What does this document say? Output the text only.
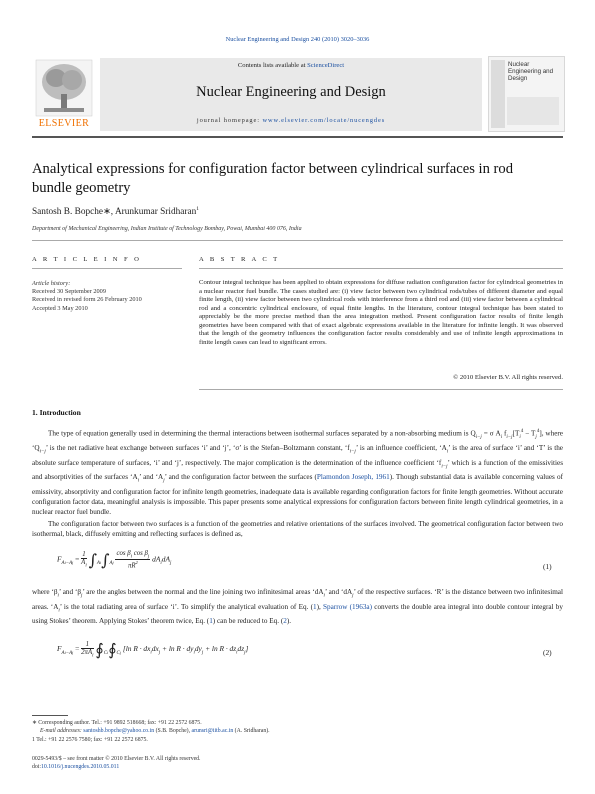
Nuclear Engineering and Design 240 (2010) 3020–3036
ELSEVIER
Contents lists available at ScienceDirect
Nuclear Engineering and Design
journal homepage: www.elsevier.com/locate/nucengdes
Nuclear Engineering and Design
Analytical expressions for configuration factor between cylindrical surfaces in rod bundle geometry
Santosh B. Bopche∗, Arunkumar Sridharan$^1$
Department of Mechanical Engineering, Indian Institute of Technology Bombay, Powai, Mumbai 400 076, India
A R T I C L E I N F O
Article history:
Received 30 September 2009
Received in revised form 26 February 2010
Accepted 3 May 2010
A B S T R A C T
Contour integral technique has been applied to obtain expressions for diffuse radiation configuration factor for cylindrical geometries in a nuclear reactor fuel bundle. The cases studied are: (i) view factor between two cylindrical rods/tubes of different diameter and equal finite length, (ii) view factor between two cylindrical rods with interference from a third rod and (iii) view factor between a cylindrical rod and a concentric cylindrical enclosure, of equal finite lengths. In the literature, contour integral technique has been stated to appreciably be the more precise method than the area integration method. Present configuration factor results of finite length geometries have been compared with that of exact algebraic expressions available in the literature for infinite length. It was observed that the length of the geometry influences the configuration factor results considerably and use of infinite length approximations in finite length cases can lead to significant errors.
© 2010 Elsevier B.V. All rights reserved.
1. Introduction
The type of equation generally used in determining the thermal interactions between isothermal surfaces separated by a non-absorbing medium is $Q_{i-j} = \sigma$ $A_i$ $f_{i-j}[T_i^4 - T_j^4]$, where ‘$Q_{i-j}$’ is the net radiative heat exchange between surfaces ‘i’ and ‘j’, ‘σ’ is the Stefan–Boltzmann constant, ‘$f_{i-j}$’ is an influence coefficient, ‘$A_i$’ is the area of surface ‘i’ and ‘T’ is the absolute surface temperature of surfaces, ‘i’ and ‘j’, respectively. The major complication is the determination of the influence coefficient ‘$f_{i-j}$’ which is a function of the emissivities and absorptivities of the surfaces ‘$A_i$’ and ‘$A_j$’ and the configuration factor between the surfaces (Plamondon Joseph, 1961). Though substantial data is available concerning values of emissivity, absorptivity and configuration factor for infinite length geometries, inadequate data is available regarding configuration factors for finite length geometries. Without accurate configuration factor data, meaningful analysis is impossible. This paper presents some analytical expressions for configuration factors between finite length cylindrical geometries, in a nuclear reactor fuel bundle.
The configuration factor between two surfaces is a function of the geometries and relative orientations of the surfaces involved. The geometrical configuration factor between two isothermal, black, diffusely emitting and reflecting surfaces is defined as,
$F_{Ai-Aj} = \frac{1}{A_i} \int_{Ai}\int_{Aj} \frac{\cos \beta_i \cos \beta_j}{\pi R^2} dA_idA_j$	(1)
where ‘$\beta_i$’ and ‘$\beta_j$’ are the angles between the normal and the line joining two infinitesimal areas ‘$dA_i$’ and ‘$dA_j$’ of the respective surfaces. ‘R’ is the distance between two infinitesimal areas. ‘$A_i$’ is the total radiating area of surface ‘i’. To simplify the analytical evaluation of Eq. (1), Sparrow (1963a) converts the double area integral into double contour integral by using Stokes’ theorem. Applying Stokes’ theorem twice, Eq. (1) can be reduced to Eq. (2).
$F_{Ai-Aj} = \frac{1}{2\pi A_i}$ $∮_{Ci}∮_{Cj}$ [ln $R \cdot dx_idx_j + \ln R \cdot dy_idy_j + \ln R \cdot dz_idz_j$]	(2)
∗ Corresponding author. Tel.: +91 9892 518668; fax: +91 22 2572 6875.
E-mail addresses: santoshb.bopche@yahoo.co.in (S.B. Bopche), arunsri@iitb.ac.in (A. Sridharan).
1 Tel.: +91 22 2576 7580; fax: +91 22 2572 6875.
0029-5493/$ – see front matter © 2010 Elsevier B.V. All rights reserved.
doi:10.1016/j.nucengdes.2010.05.011
